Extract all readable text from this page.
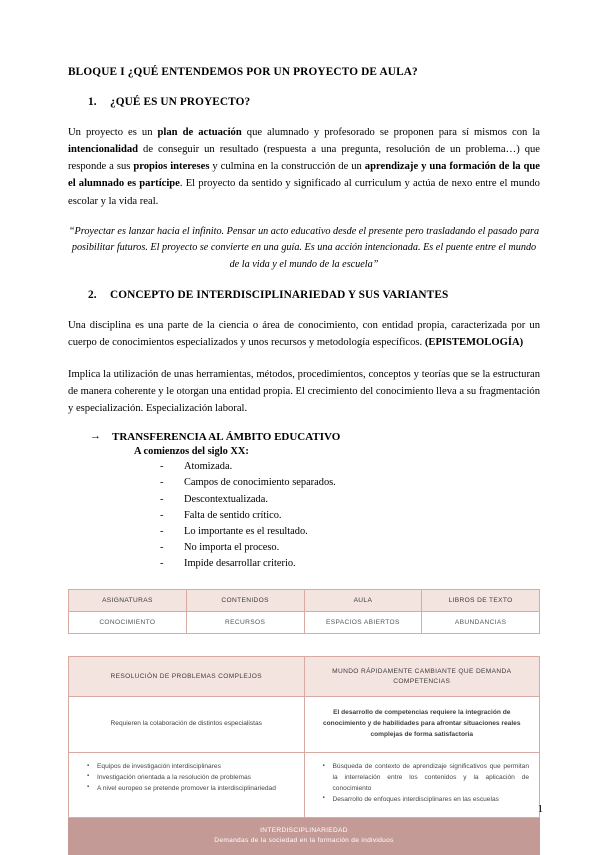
BLOQUE I ¿QUÉ ENTENDEMOS POR UN PROYECTO DE AULA?
1. ¿QUÉ ES UN PROYECTO?

Un proyecto es un plan de actuación que alumnado y profesorado se proponen para sí mismos con la intencionalidad de conseguir un resultado (respuesta a una pregunta, resolución de un problema…) que responde a sus propios intereses y culmina en la construcción de un aprendizaje y una formación de la que el alumnado es partícipe. El proyecto da sentido y significado al curriculum y actúa de nexo entre el mundo escolar y la vida real.

“Proyectar es lanzar hacia el infinito. Pensar un acto educativo desde el presente pero trasladando el pasado para posibilitar futuros. El proyecto se convierte en una guía. Es una acción intencionada. Es el puente entre el mundo de la vida y el mundo de la escuela”
2. CONCEPTO DE INTERDISCIPLINARIEDAD Y SUS VARIANTES

Una disciplina es una parte de la ciencia o área de conocimiento, con entidad propia, caracterizada por un cuerpo de conocimientos especializados y unos recursos y metodología específicos. (EPISTEMOLOGÍA)

Implica la utilización de unas herramientas, métodos, procedimientos, conceptos y teorías que se la estructuran de manera coherente y le otorgan una entidad propia. El crecimiento del conocimiento lleva a su fragmentación y especialización. Especialización laboral.

→ TRANSFERENCIA AL ÁMBITO EDUCATIVO
A comienzos del siglo XX:
- Atomizada.
- Campos de conocimiento separados.
- Descontextualizada.
- Falta de sentido crítico.
- Lo importante es el resultado.
- No importa el proceso.
- Impide desarrollar criterio.
ASIGNATURAS	CONTENIDOS	AULA	LIBROS DE TEXTO
CONOCIMIENTO	RECURSOS	ESPACIOS ABIERTOS	ABUNDANCIAS
RESOLUCIÓN DE PROBLEMAS COMPLEJOS	MUNDO RÁPIDAMENTE CAMBIANTE QUE DEMANDA COMPETENCIAS
Requieren la colaboración de distintos especialistas	El desarrollo de competencias requiere la integración de conocimiento y de habilidades para afrontar situaciones reales complejas de forma satisfactoria

▪ Equipos de investigación interdisciplinares
▪ Investigación orientada a la resolución de problemas
▪ A nivel europeo se pretende promover la interdisciplinariedad

▪ Búsqueda de contexto de aprendizaje significativos que permitan la interrelación entre los contenidos y la aplicación de conocimiento
▪ Desarrollo de enfoques interdisciplinares en las escuelas

INTERDISCIPLINARIEDAD
Demandas de la sociedad en la formación de individuos	
1
